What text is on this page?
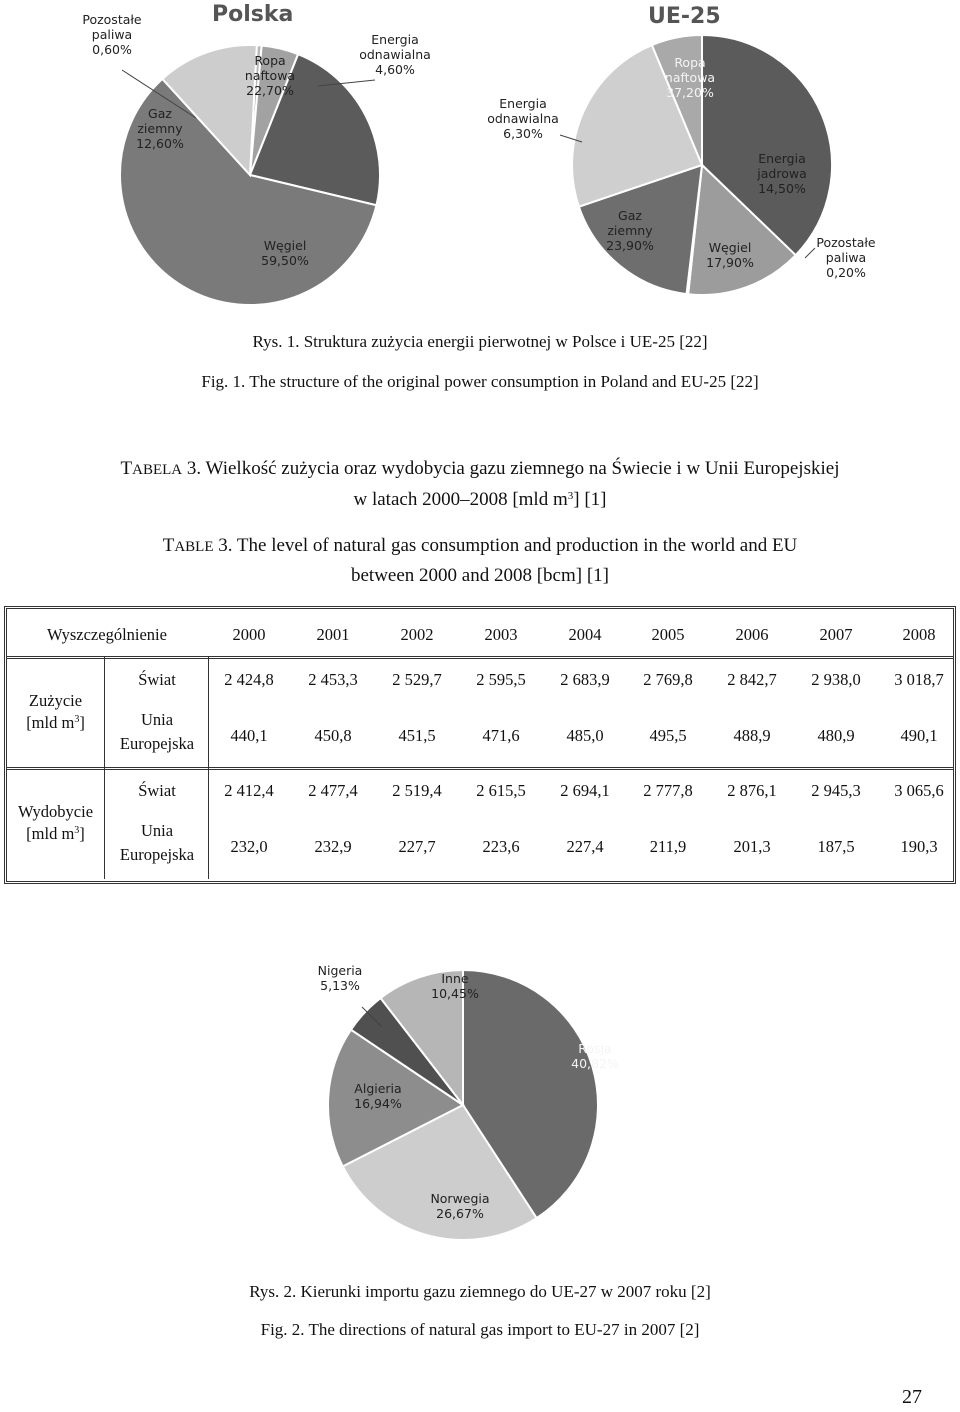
Polska	UE-25
Pozostałe
paliwa
0,60%
Energia
odnawialna
4,60%
Ropa
naftowa
22,70%
Węgiel
59,50%
Gaz
ziemny
12,60%
Ropa
naftowa
37,20%
Energia
jadrowa
14,50%
Pozostałe
paliwa
0,20%
Węgiel
17,90%
Gaz
ziemny
23,90%
Energia
odnawialna
6,30%

Rys. 1. Struktura zużycia energii pierwotnej w Polsce i UE-25 [22]

Fig. 1. The structure of the original power consumption in Poland and EU-25 [22]

TABELA 3. Wielkość zużycia oraz wydobycia gazu ziemnego na Świecie i w Unii Europejskiej

w latach 2000–2008 [mld $m^3$] [1]

TABLE 3. The level of natural gas consumption and production in the world and EU

between 2000 and 2008 [bcm] [1]

Wyszczególnienie	2000	2001	2002	2003	2004	2005	2006	2007	2008
Zużycie
[mld $m^3$]
Świat	2 424,8	2 453,3	2 529,7	2 595,5	2 683,9	2 769,8	2 842,7	2 938,0	3 018,7
Unia
Europejska	440,1	450,8	451,5	471,6	485,0	495,5	488,9	480,9	490,1
Wydobycie
[mld $m^3$]
Świat	2 412,4	2 477,4	2 519,4	2 615,5	2 694,1	2 777,8	2 876,1	2 945,3	3 065,6
Unia
Europejska	232,0	232,9	227,7	223,6	227,4	211,9	201,3	187,5	190,3
Rosja
40,82%
Norwegia
26,67%
Algieria
16,94%
Nigeria
5,13%	Inne
10,45%

Rys. 2. Kierunki importu gazu ziemnego do UE-27 w 2007 roku [2]

Fig. 2. The directions of natural gas import to EU-27 in 2007 [2]

27
